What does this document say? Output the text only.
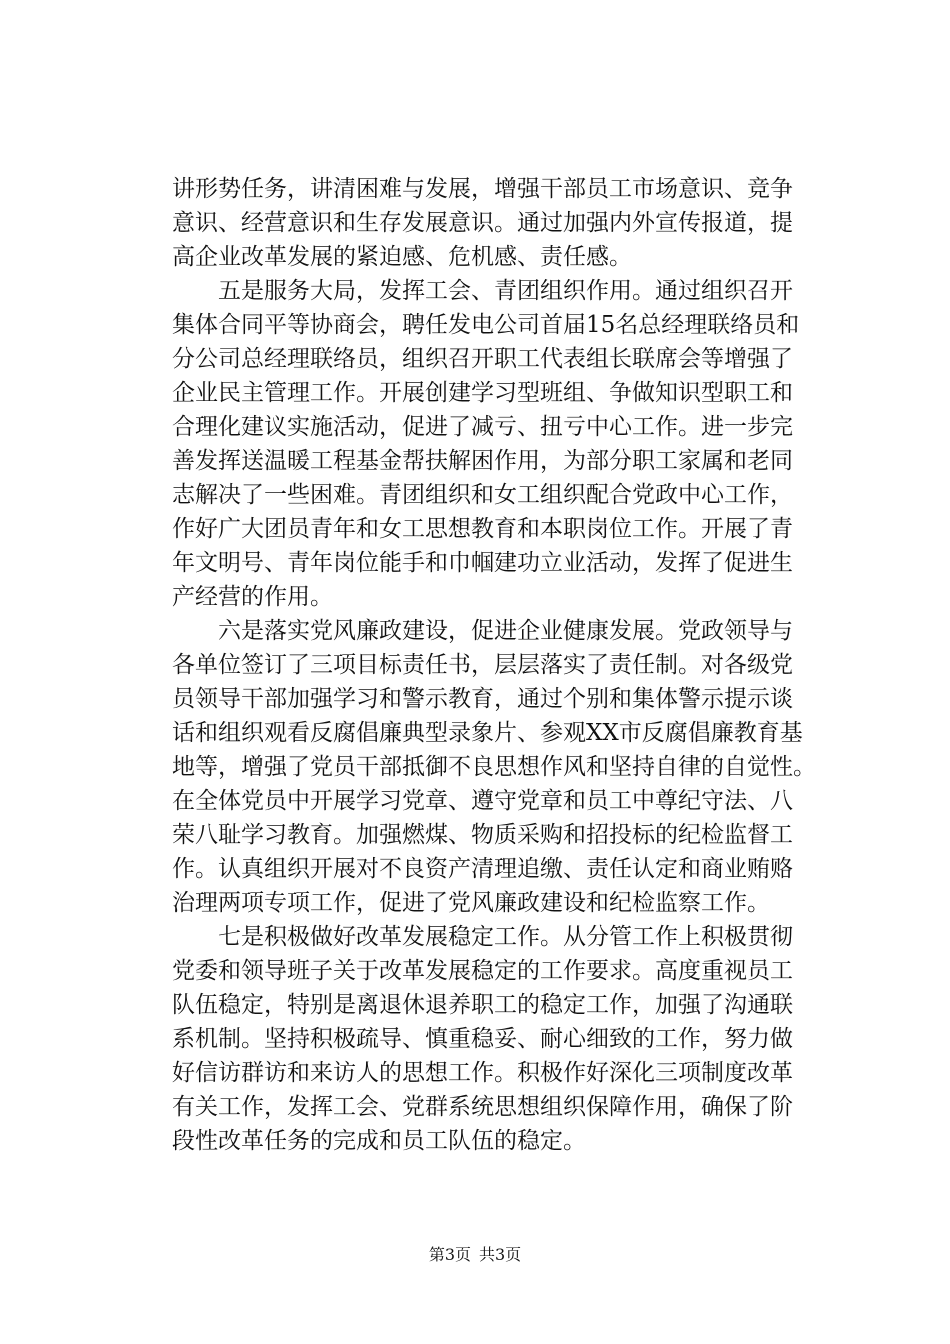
讲形势任务，讲清困难与发展，增强干部员工市场意识、竞争
意识、经营意识和生存发展意识。通过加强内外宣传报道，提
高企业改革发展的紧迫感、危机感、责任感。
五是服务大局，发挥工会、青团组织作用。通过组织召开
集体合同平等协商会，聘任发电公司首届15名总经理联络员和
分公司总经理联络员，组织召开职工代表组长联席会等增强了
企业民主管理工作。开展创建学习型班组、争做知识型职工和
合理化建议实施活动，促进了减亏、扭亏中心工作。进一步完
善发挥送温暖工程基金帮扶解困作用，为部分职工家属和老同
志解决了一些困难。青团组织和女工组织配合党政中心工作，
作好广大团员青年和女工思想教育和本职岗位工作。开展了青
年文明号、青年岗位能手和巾帼建功立业活动，发挥了促进生
产经营的作用。
六是落实党风廉政建设，促进企业健康发展。党政领导与
各单位签订了三项目标责任书，层层落实了责任制。对各级党
员领导干部加强学习和警示教育，通过个别和集体警示提示谈
话和组织观看反腐倡廉典型录象片、参观XX市反腐倡廉教育基
地等，增强了党员干部抵御不良思想作风和坚持自律的自觉性。
在全体党员中开展学习党章、遵守党章和员工中尊纪守法、八
荣八耻学习教育。加强燃煤、物质采购和招投标的纪检监督工
作。认真组织开展对不良资产清理追缴、责任认定和商业贿赂
治理两项专项工作，促进了党风廉政建设和纪检监察工作。
七是积极做好改革发展稳定工作。从分管工作上积极贯彻
党委和领导班子关于改革发展稳定的工作要求。高度重视员工
队伍稳定，特别是离退休退养职工的稳定工作，加强了沟通联
系机制。坚持积极疏导、慎重稳妥、耐心细致的工作，努力做
好信访群访和来访人的思想工作。积极作好深化三项制度改革
有关工作，发挥工会、党群系统思想组织保障作用，确保了阶
段性改革任务的完成和员工队伍的稳定。
第3页 共3页
